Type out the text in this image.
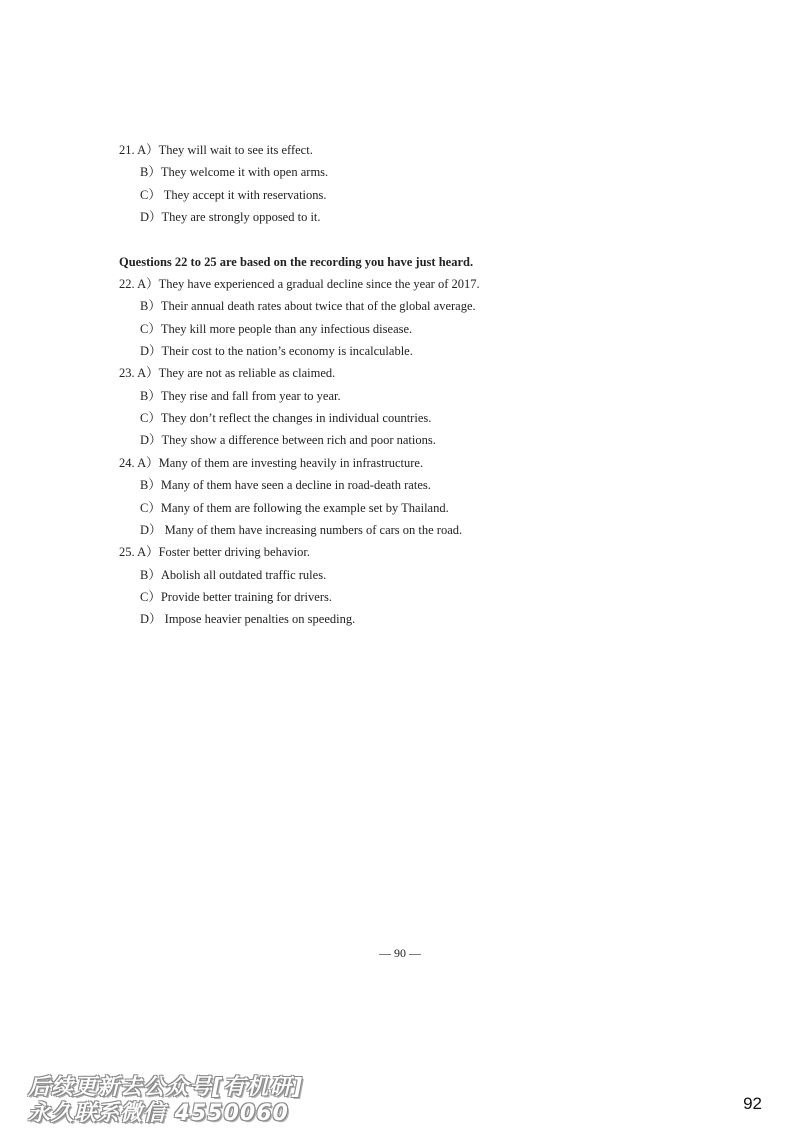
21. A）They will wait to see its effect.
B）They welcome it with open arms.
C） They accept it with reservations.
D）They are strongly opposed to it.
Questions 22 to 25 are based on the recording you have just heard.
22. A）They have experienced a gradual decline since the year of 2017.
B）Their annual death rates about twice that of the global average.
C）They kill more people than any infectious disease.
D）Their cost to the nation’s economy is incalculable.
23. A）They are not as reliable as claimed.
B）They rise and fall from year to year.
C）They don’t reflect the changes in individual countries.
D）They show a difference between rich and poor nations.
24. A）Many of them are investing heavily in infrastructure.
B）Many of them have seen a decline in road-death rates.
C）Many of them are following the example set by Thailand.
D） Many of them have increasing numbers of cars on the road.
25. A）Foster better driving behavior.
B）Abolish all outdated traffic rules.
C）Provide better training for drivers.
D） Impose heavier penalties on speeding.
— 90 —
92
后续更新去公众号[有机研]
永久联系微信 4550060
